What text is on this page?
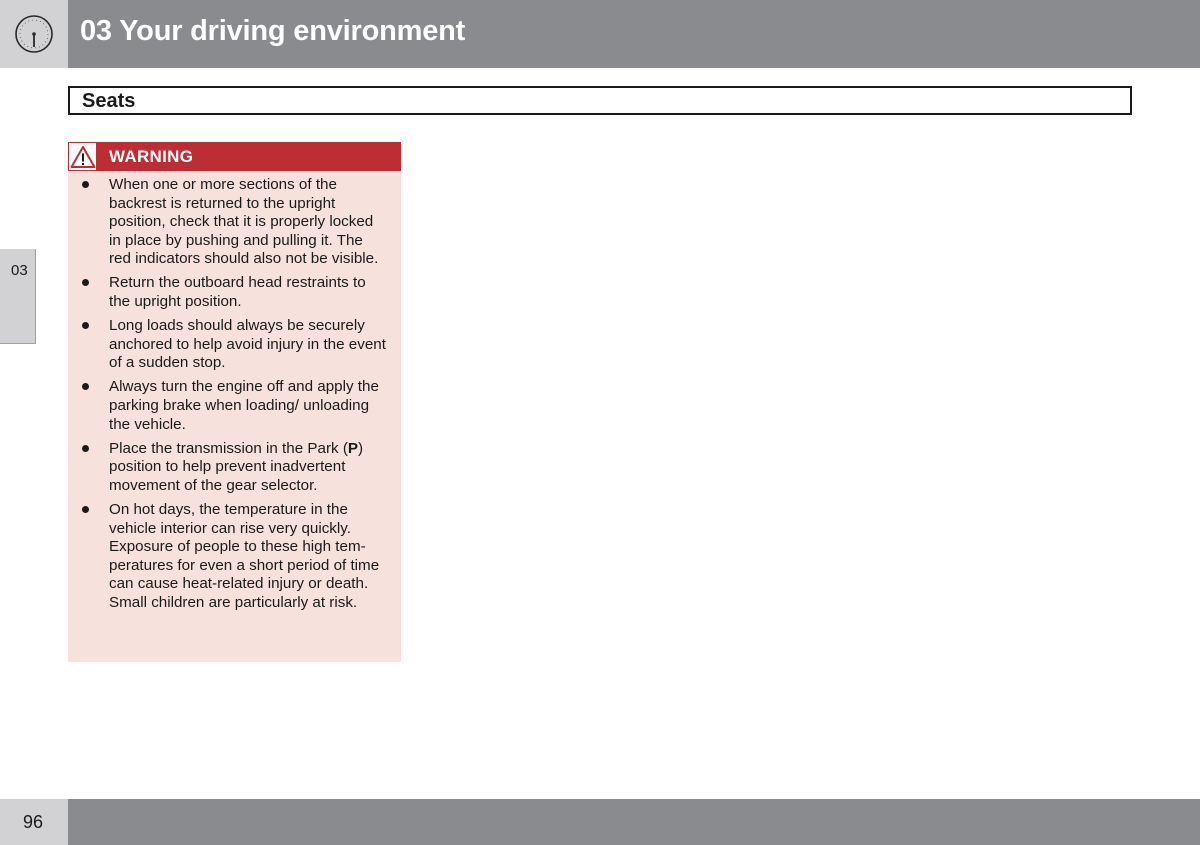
03 Your driving environment
Seats
03
WARNING
When one or more sections of the backrest is returned to the upright position, check that it is properly locked in place by pushing and pulling it. The red indicators should also not be visible.
Return the outboard head restraints to the upright position.
Long loads should always be securely anchored to help avoid injury in the event of a sudden stop.
Always turn the engine off and apply the parking brake when loading/ unloading the vehicle.
Place the transmission in the Park (P) position to help prevent inadvertent movement of the gear selector.
On hot days, the temperature in the vehicle interior can rise very quickly. Exposure of people to these high tem-peratures for even a short period of time can cause heat-related injury or death. Small children are particularly at risk.
96
